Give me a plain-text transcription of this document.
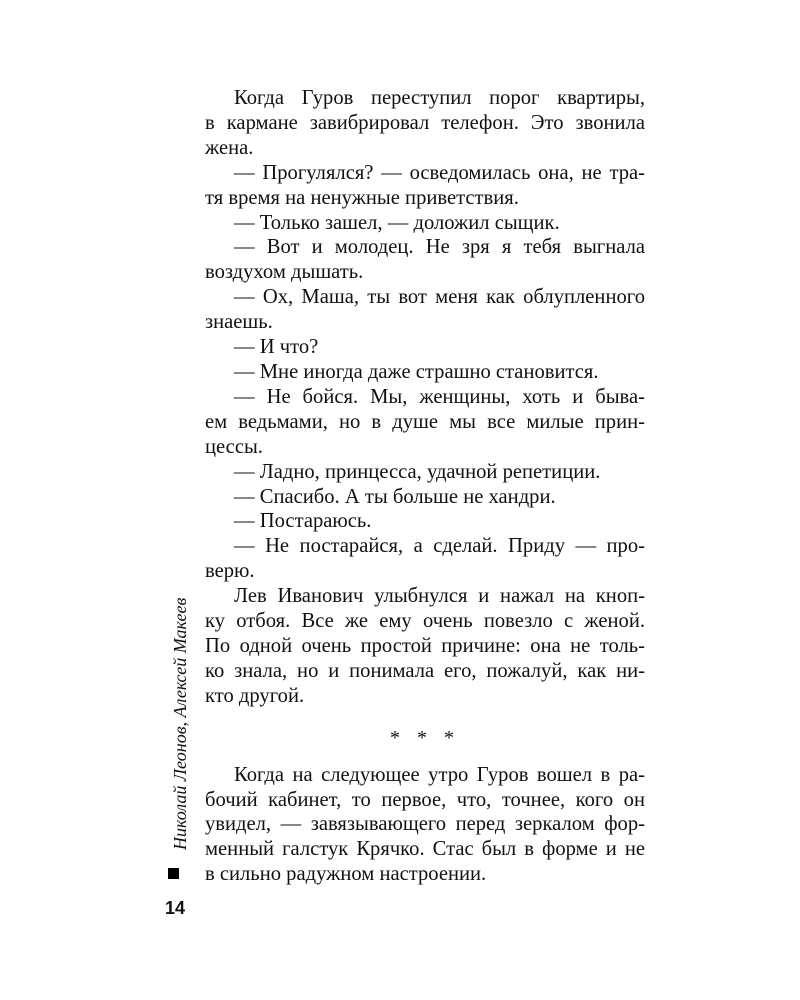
Когда Гуров переступил порог квартиры,
в кармане завибрировал телефон. Это звонила
жена.
— Прогулялся? — осведомилась она, не тра-
тя время на ненужные приветствия.
— Только зашел, — доложил сыщик.
— Вот и молодец. Не зря я тебя выгнала
воздухом дышать.
— Ох, Маша, ты вот меня как облупленного
знаешь.
— И что?
— Мне иногда даже страшно становится.
— Не бойся. Мы, женщины, хоть и быва-
ем ведьмами, но в душе мы все милые прин-
цессы.
— Ладно, принцесса, удачной репетиции.
— Спасибо. А ты больше не хандри.
— Постараюсь.
— Не постарайся, а сделай. Приду — про-
верю.
Лев Иванович улыбнулся и нажал на кноп-
ку отбоя. Все же ему очень повезло с женой.
По одной очень простой причине: она не толь-
ко знала, но и понимала его, пожалуй, как ни-
кто другой.
* * *
Когда на следующее утро Гуров вошел в ра-
бочий кабинет, то первое, что, точнее, кого он
увидел, — завязывающего перед зеркалом фор-
менный галстук Крячко. Стас был в форме и не
в сильно радужном настроении.
Николай Леонов, Алексей Макеев
14
